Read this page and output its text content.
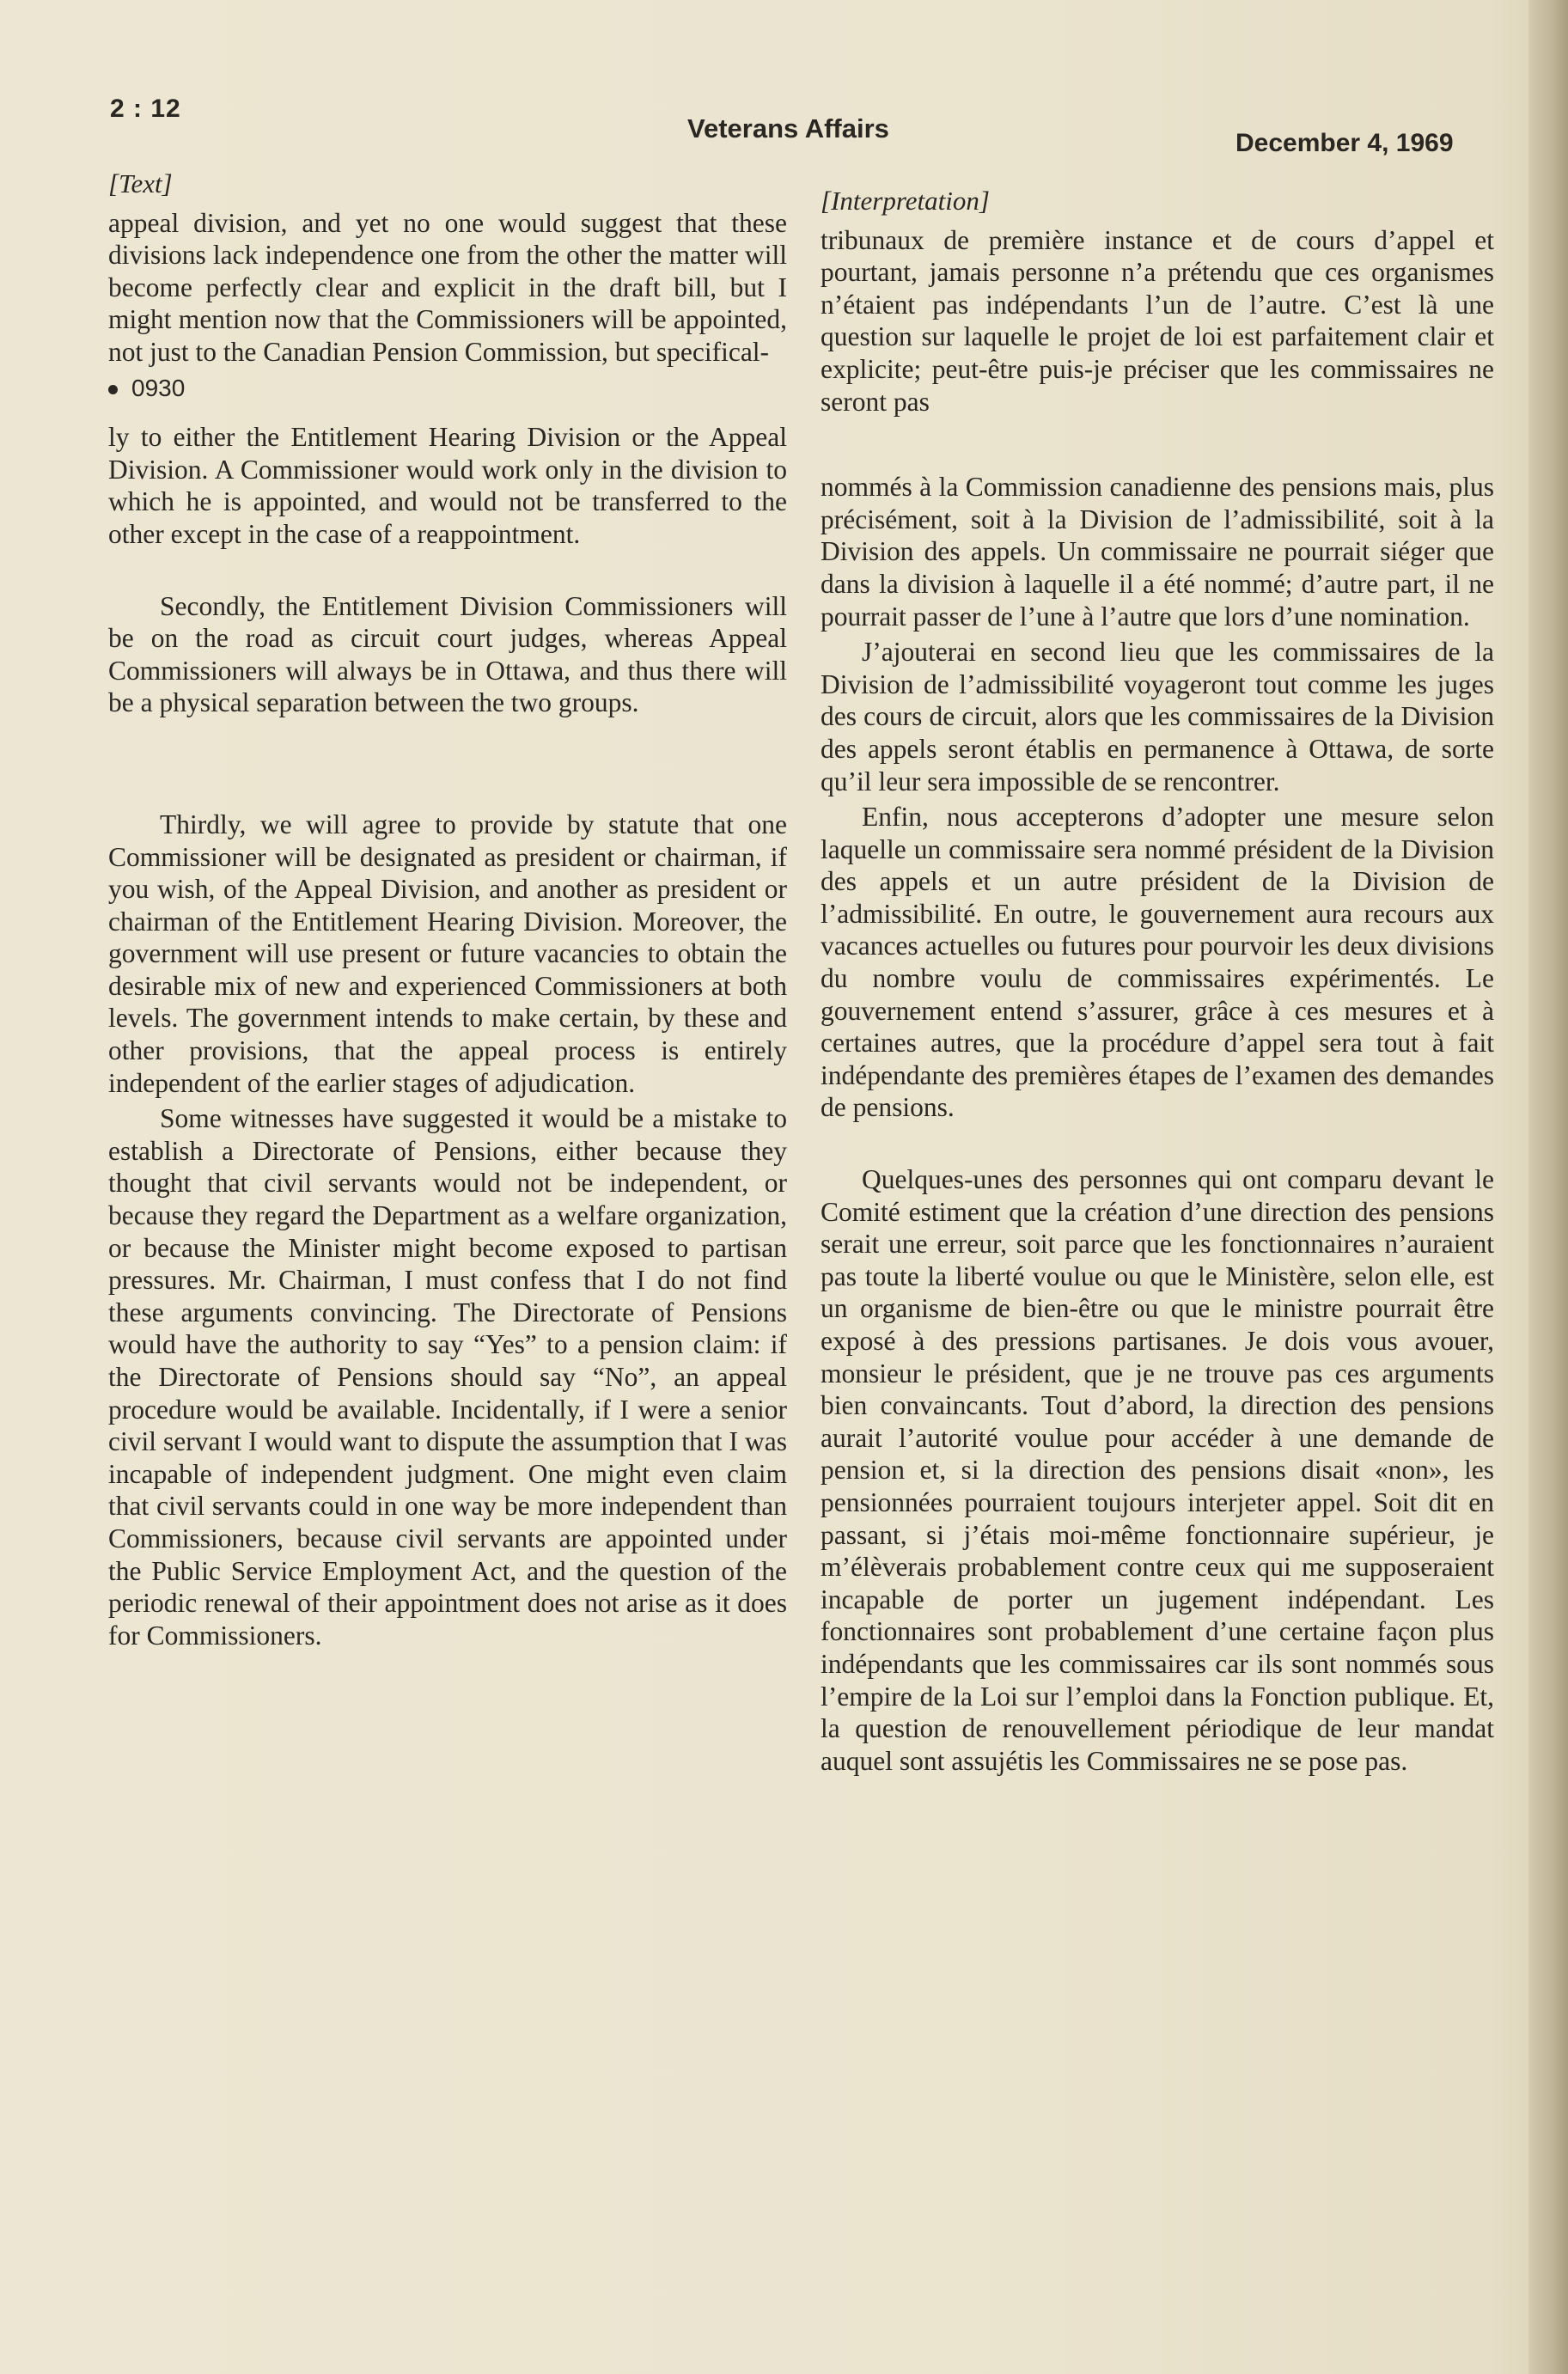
2 : 12
Veterans Affairs	December 4, 1969

[Text]

appeal division, and yet no one would suggest that these divisions lack independence one from the other the matter will become perfectly clear and explicit in the draft bill, but I might mention now that the Commissioners will be appointed, not just to the Canadian Pension Commission, but specifical-

0930

ly to either the Entitlement Hearing Division or the Appeal Division. A Commissioner would work only in the division to which he is appointed, and would not be transferred to the other except in the case of a reappointment.

Secondly, the Entitlement Division Commissioners will be on the road as circuit court judges, whereas Appeal Commissioners will always be in Ottawa, and thus there will be a physical separation between the two groups.

Thirdly, we will agree to provide by statute that one Commissioner will be designated as president or chairman, if you wish, of the Appeal Division, and another as president or chairman of the Entitlement Hearing Division. Moreover, the government will use present or future vacancies to obtain the desirable mix of new and experienced Commissioners at both levels. The government intends to make certain, by these and other provisions, that the appeal process is entirely independent of the earlier stages of adjudication.

Some witnesses have suggested it would be a mistake to establish a Directorate of Pensions, either because they thought that civil servants would not be independent, or because they regard the Department as a welfare organization, or because the Minister might become exposed to partisan pressures. Mr. Chairman, I must confess that I do not find these arguments convincing. The Directorate of Pensions would have the authority to say “Yes” to a pension claim: if the Directorate of Pensions should say “No”, an appeal procedure would be available. Incidentally, if I were a senior civil servant I would want to dispute the assumption that I was incapable of independent judgment. One might even claim that civil servants could in one way be more independent than Commissioners, because civil servants are appointed under the Public Service Employment Act, and the question of the periodic renewal of their appointment does not arise as it does for Commissioners.

[Interpretation]

tribunaux de première instance et de cours d’appel et pourtant, jamais personne n’a prétendu que ces organismes n’étaient pas indépendants l’un de l’autre. C’est là une question sur laquelle le projet de loi est parfaitement clair et explicite; peut-être puis-je préciser que les commissaires ne seront pas

nommés à la Commission canadienne des pensions mais, plus précisément, soit à la Division de l’admissibilité, soit à la Division des appels. Un commissaire ne pourrait siéger que dans la division à laquelle il a été nommé; d’autre part, il ne pourrait passer de l’une à l’autre que lors d’une nomination.

J’ajouterai en second lieu que les commissaires de la Division de l’admissibilité voyageront tout comme les juges des cours de circuit, alors que les commissaires de la Division des appels seront établis en permanence à Ottawa, de sorte qu’il leur sera impossible de se rencontrer.

Enfin, nous accepterons d’adopter une mesure selon laquelle un commissaire sera nommé président de la Division des appels et un autre président de la Division de l’admissibilité. En outre, le gouvernement aura recours aux vacances actuelles ou futures pour pourvoir les deux divisions du nombre voulu de commissaires expérimentés. Le gouvernement entend s’assurer, grâce à ces mesures et à certaines autres, que la procédure d’appel sera tout à fait indépendante des premières étapes de l’examen des demandes de pensions.

Quelques-unes des personnes qui ont comparu devant le Comité estiment que la création d’une direction des pensions serait une erreur, soit parce que les fonctionnaires n’auraient pas toute la liberté voulue ou que le Ministère, selon elle, est un organisme de bien-être ou que le ministre pourrait être exposé à des pressions partisanes. Je dois vous avouer, monsieur le président, que je ne trouve pas ces arguments bien convaincants. Tout d’abord, la direction des pensions aurait l’autorité voulue pour accéder à une demande de pension et, si la direction des pensions disait «non», les pensionnées pourraient toujours interjeter appel. Soit dit en passant, si j’étais moi-même fonctionnaire supérieur, je m’élèverais probablement contre ceux qui me supposeraient incapable de porter un jugement indépendant. Les fonctionnaires sont probablement d’une certaine façon plus indépendants que les commissaires car ils sont nommés sous l’empire de la Loi sur l’emploi dans la Fonction publique. Et, la question de renouvellement périodique de leur mandat auquel sont assujétis les Commissaires ne se pose pas.
